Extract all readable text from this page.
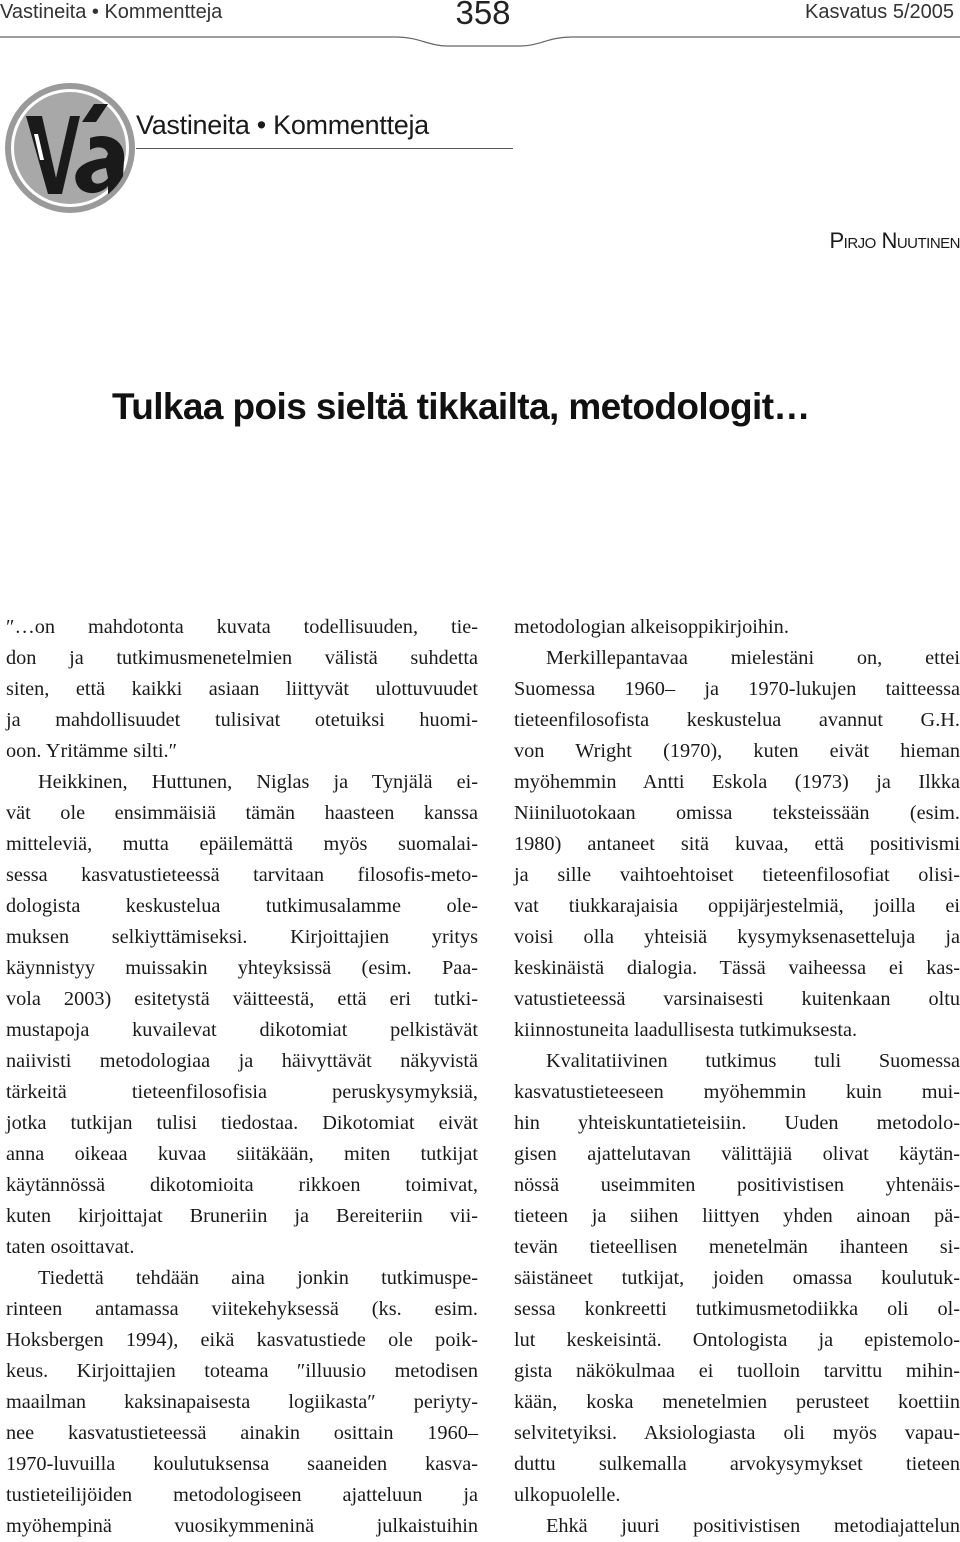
Vastineita • Kommentteja	358	Kasvatus 5/2005
Vastineita • Kommentteja
Pirjo Nuutinen
Tulkaa pois sieltä tikkailta, metodologit…
″…on mahdotonta kuvata todellisuuden, tie-
don ja tutkimusmenetelmien välistä suhdetta
siten, että kaikki asiaan liittyvät ulottuvuudet
ja mahdollisuudet tulisivat otetuiksi huomi-
oon. Yritämme silti.″
Heikkinen, Huttunen, Niglas ja Tynjälä ei-
vät ole ensimmäisiä tämän haasteen kanssa
mitteleviä, mutta epäilemättä myös suomalai-
sessa kasvatustieteessä tarvitaan filosofis-meto-
dologista keskustelua tutkimusalamme ole-
muksen selkiyttämiseksi. Kirjoittajien yritys
käynnistyy muissakin yhteyksissä (esim. Paa-
vola 2003) esitetystä väitteestä, että eri tutki-
mustapoja kuvailevat dikotomiat pelkistävät
naiivisti metodologiaa ja häivyttävät näkyvistä
tärkeitä tieteenfilosofisia peruskysymyksiä,
jotka tutkijan tulisi tiedostaa. Dikotomiat eivät
anna oikeaa kuvaa siitäkään, miten tutkijat
käytännössä dikotomioita rikkoen toimivat,
kuten kirjoittajat Bruneriin ja Bereiteriin vii-
taten osoittavat.
Tiedettä tehdään aina jonkin tutkimuspe-
rinteen antamassa viitekehyksessä (ks. esim.
Hoksbergen 1994), eikä kasvatustiede ole poik-
keus. Kirjoittajien toteama ″illuusio metodisen
maailman kaksinapaisesta logiikasta″ periyty-
nee kasvatustieteessä ainakin osittain 1960–
1970-luvuilla koulutuksensa saaneiden kasva-
tustieteilijöiden metodologiseen ajatteluun ja
myöhempinä vuosikymmeninä julkaistuihin
metodologian alkeisoppikirjoihin.
Merkillepantavaa mielestäni on, ettei
Suomessa 1960– ja 1970-lukujen taitteessa
tieteenfilosofista keskustelua avannut G.H.
von Wright (1970), kuten eivät hieman
myöhemmin Antti Eskola (1973) ja Ilkka
Niiniluotokaan omissa teksteissään (esim.
1980) antaneet sitä kuvaa, että positivismi
ja sille vaihtoehtoiset tieteenfilosofiat olisi-
vat tiukkarajaisia oppijärjestelmiä, joilla ei
voisi olla yhteisiä kysymyksenasetteluja ja
keskinäistä dialogia. Tässä vaiheessa ei kas-
vatustieteessä varsinaisesti kuitenkaan oltu
kiinnostuneita laadullisesta tutkimuksesta.
Kvalitatiivinen tutkimus tuli Suomessa
kasvatustieteeseen myöhemmin kuin mui-
hin yhteiskuntatieteisiin. Uuden metodolo-
gisen ajattelutavan välittäjiä olivat käytän-
nössä useimmiten positivistisen yhtenäis-
tieteen ja siihen liittyen yhden ainoan pä-
tevän tieteellisen menetelmän ihanteen si-
säistäneet tutkijat, joiden omassa koulutuk-
sessa konkreetti tutkimusmetodiikka oli ol-
lut keskeisintä. Ontologista ja epistemolo-
gista näkökulmaa ei tuolloin tarvittu mihin-
kään, koska menetelmien perusteet koettiin
selvitetyiksi. Aksiologiasta oli myös vapau-
duttu sulkemalla arvokysymykset tieteen
ulkopuolelle.
Ehkä juuri positivistisen metodiajattelun
